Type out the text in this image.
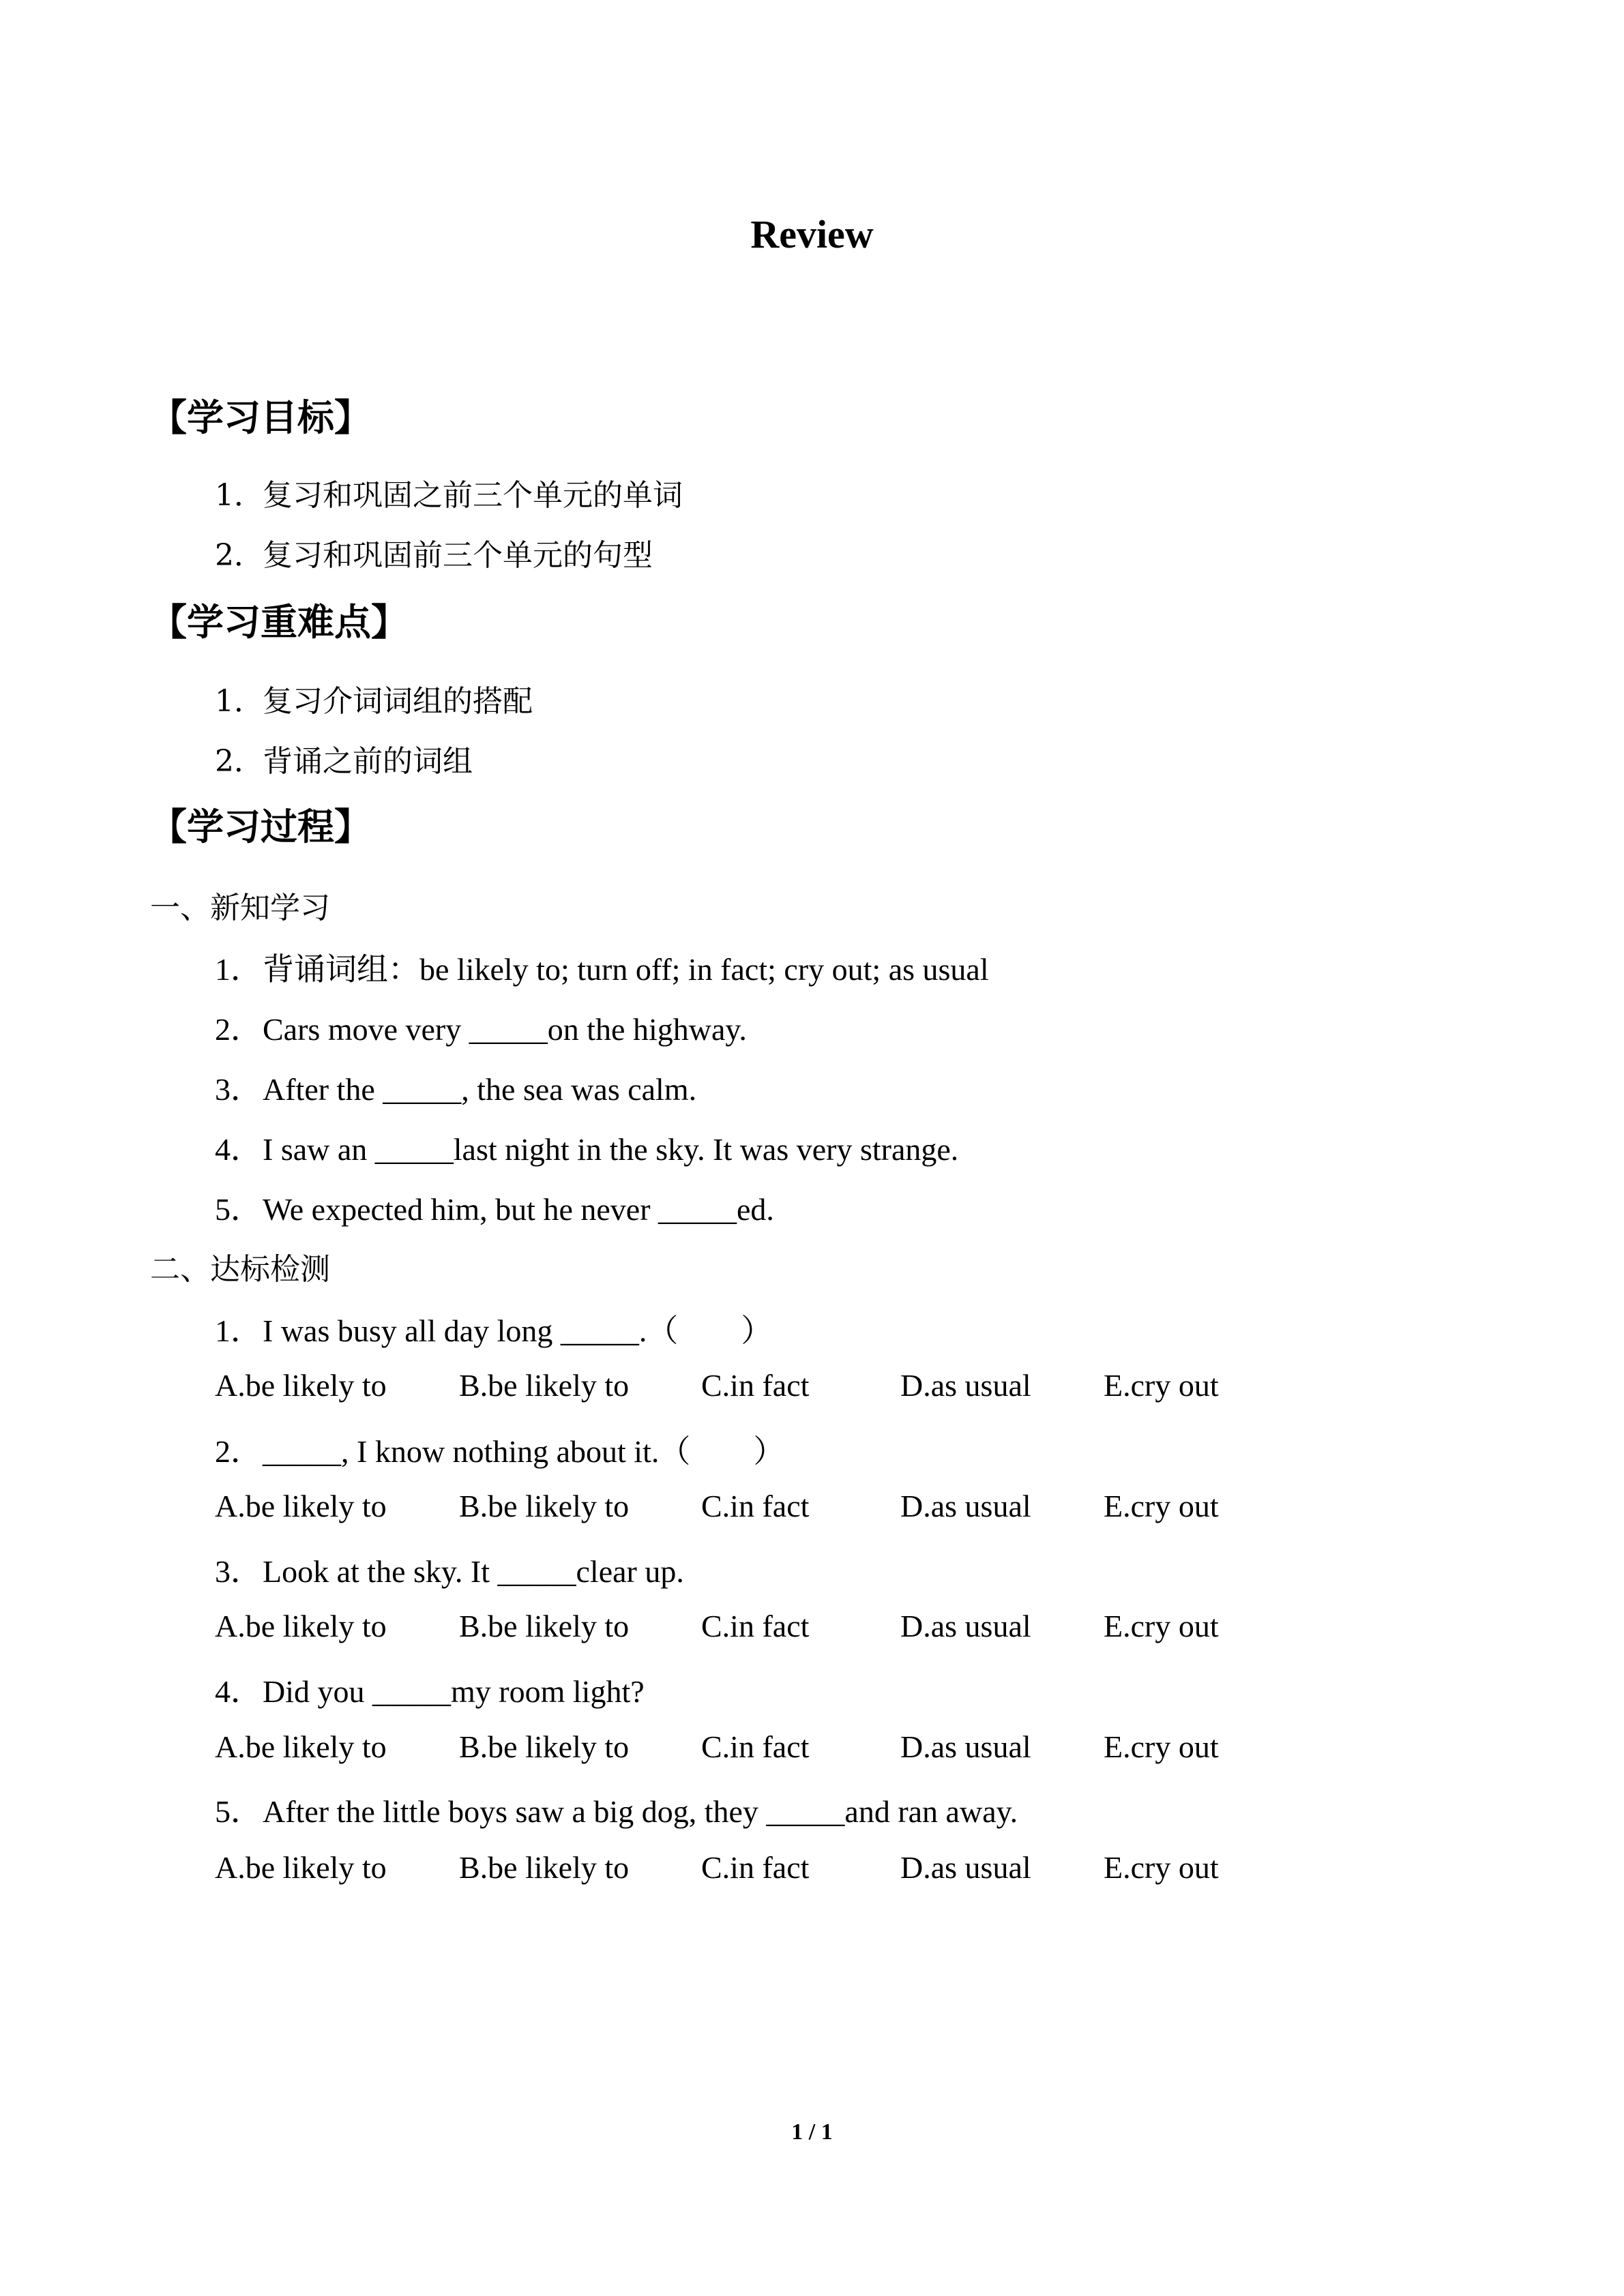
Review
【学习目标】
1．复习和巩固之前三个单元的单词
2．复习和巩固前三个单元的句型
【学习重难点】
1．复习介词词组的搭配
2．背诵之前的词组
【学习过程】
一、新知学习
1．背诵词组：be likely to; turn off; in fact; cry out; as usual
2．Cars move very _____on the highway.
3．After the _____, the sea was calm.
4．I saw an _____last night in the sky. It was very strange.
5．We expected him, but he never _____ed.
二、达标检测
1．I was busy all day long _____.（　　）
A.be likely to B.be likely to C.in fact	D.as usual E.cry out
2．_____, I know nothing about it.（　　）
A.be likely to B.be likely to C.in fact	D.as usual E.cry out
3．Look at the sky. It _____clear up.
A.be likely to B.be likely to C.in fact	D.as usual E.cry out
4．Did you _____my room light?
A.be likely to B.be likely to C.in fact	D.as usual E.cry out
5．After the little boys saw a big dog, they _____and ran away.
A.be likely to B.be likely to C.in fact	D.as usual E.cry out
1 / 1
